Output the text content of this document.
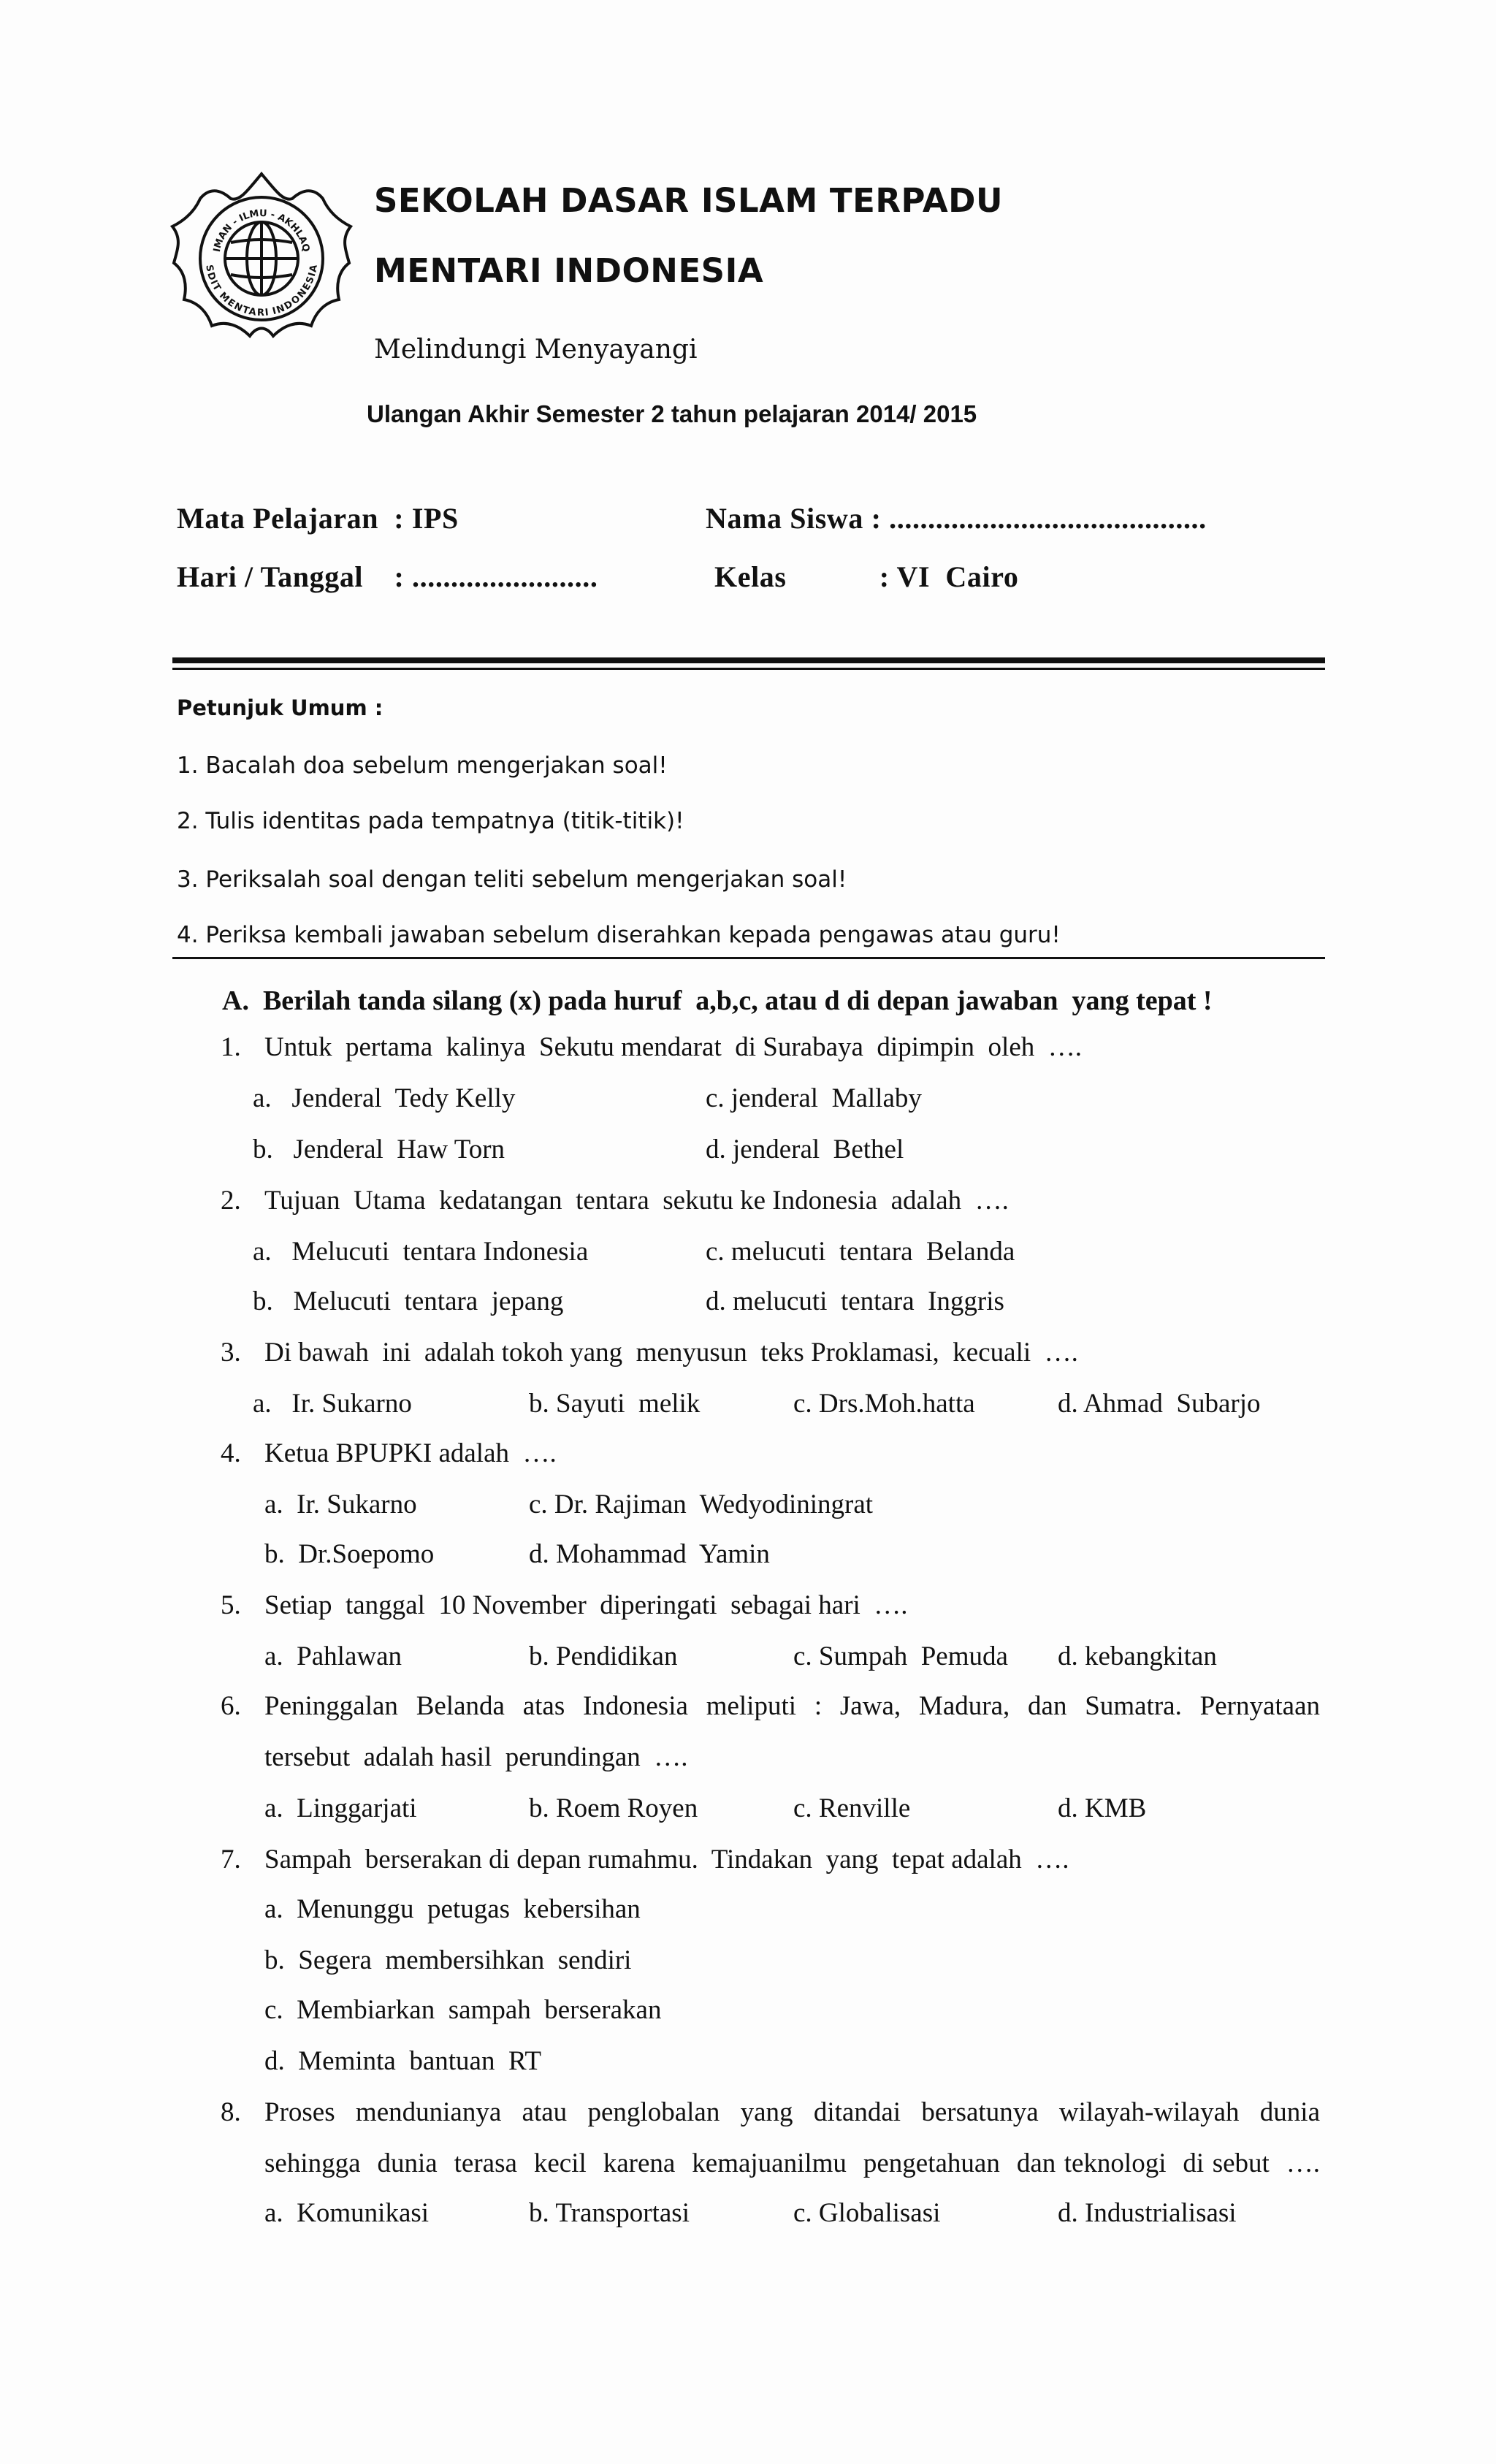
IMAN - ILMU - AKHLAQ
SDIT MENTARI INDONESIA
SEKOLAH DASAR ISLAM TERPADU
MENTARI INDONESIA
Melindungi Menyayangi
Ulangan Akhir Semester 2 tahun pelajaran 2014/ 2015
Mata Pelajaran  : IPS	Nama Siswa : .........................................
Hari / Tanggal    : ........................	Kelas            : VI  Cairo
Petunjuk Umum :
1. Bacalah doa sebelum mengerjakan soal!
2. Tulis identitas pada tempatnya (titik-titik)!
3. Periksalah soal dengan teliti sebelum mengerjakan soal!
4. Periksa kembali jawaban sebelum diserahkan kepada pengawas atau guru!
A.  Berilah tanda silang (x) pada huruf  a,b,c, atau d di depan jawaban  yang tepat !
1. Untuk  pertama  kalinya  Sekutu mendarat  di Surabaya  dipimpin  oleh  ….
a.   Jenderal  Tedy Kelly	c. jenderal  Mallaby
b.   Jenderal  Haw Torn	d. jenderal  Bethel
2. Tujuan  Utama  kedatangan  tentara  sekutu ke Indonesia  adalah  ….
a.   Melucuti  tentara Indonesia	c. melucuti  tentara  Belanda
b.   Melucuti  tentara  jepang	d. melucuti  tentara  Inggris
3. Di bawah  ini  adalah tokoh yang  menyusun  teks Proklamasi,  kecuali  ….
a.   Ir. Sukarno	b. Sayuti  melik	c. Drs.Moh.hatta	d. Ahmad  Subarjo
4. Ketua BPUPKI adalah  ….
a.  Ir. Sukarno	c. Dr. Rajiman  Wedyodiningrat
b.  Dr.Soepomo	d. Mohammad  Yamin
5. Setiap  tanggal  10 November  diperingati  sebagai hari  ….
a.  Pahlawan	b. Pendidikan	c. Sumpah  Pemuda d. kebangkitan
6. Peninggalan  Belanda  atas  Indonesia  meliputi  :  Jawa,  Madura,  dan  Sumatra.  Pernyataan
tersebut  adalah hasil  perundingan  ….
a.  Linggarjati	b. Roem Royen	c. Renville	d. KMB
7. Sampah  berserakan di depan rumahmu.  Tindakan  yang  tepat adalah  ….
a.  Menunggu  petugas  kebersihan
b.  Segera  membersihkan  sendiri
c.  Membiarkan  sampah  berserakan
d.  Meminta  bantuan  RT
8. Proses  mendunianya  atau  penglobalan  yang  ditandai  bersatunya  wilayah-wilayah  dunia
sehingga  dunia  terasa  kecil  karena  kemajuanilmu  pengetahuan  dan teknologi  di sebut  ….
a.  Komunikasi	b. Transportasi	c. Globalisasi	d. Industrialisasi
